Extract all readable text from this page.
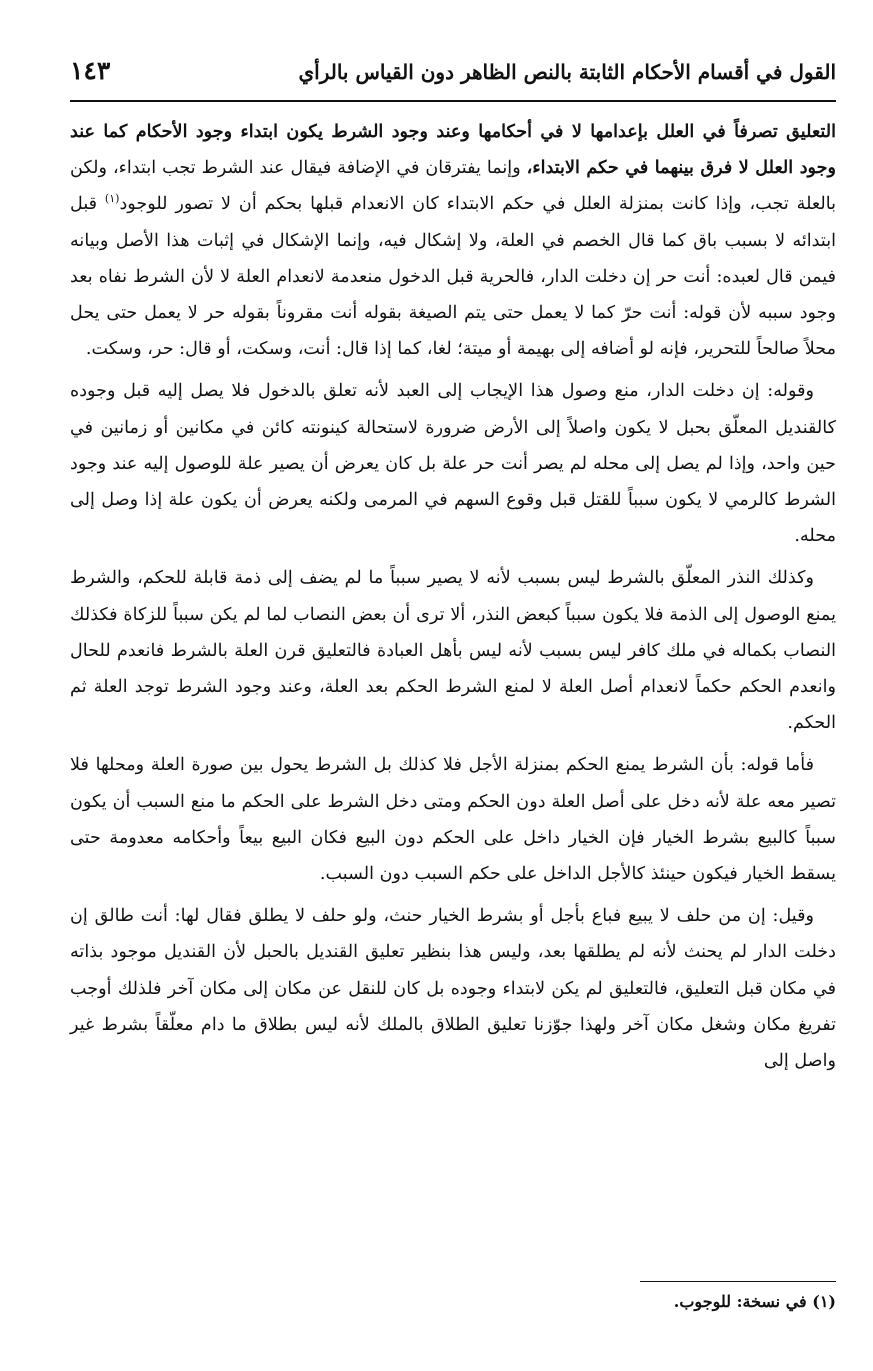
القول في أقسام الأحكام الثابتة بالنص الظاهر دون القياس بالرأي
١٤٣

التعليق تصرفاً في العلل بإعدامها لا في أحكامها وعند وجود الشرط يكون ابتداء وجود الأحكام كما عند وجود العلل لا فرق بينهما في حكم الابتداء، وإنما يفترقان في الإضافة فيقال عند الشرط تجب ابتداء، ولكن بالعلة تجب، وإذا كانت بمنزلة العلل في حكم الابتداء كان الانعدام قبلها بحكم أن لا تصور للوجود$^{(١)}$ قبل ابتدائه لا بسبب باق كما قال الخصم في العلة، ولا إشكال فيه، وإنما الإشكال في إثبات هذا الأصل وبيانه فيمن قال لعبده: أنت حر إن دخلت الدار، فالحرية قبل الدخول منعدمة لانعدام العلة لا لأن الشرط نفاه بعد وجود سببه لأن قوله: أنت حرّ كما لا يعمل حتى يتم الصيغة بقوله أنت مقروناً بقوله حر لا يعمل حتى يحل محلاً صالحاً للتحرير، فإنه لو أضافه إلى بهيمة أو ميتة؛ لغا، كما إذا قال: أنت، وسكت، أو قال: حر، وسكت.

وقوله: إن دخلت الدار، منع وصول هذا الإيجاب إلى العبد لأنه تعلق بالدخول فلا يصل إليه قبل وجوده كالقنديل المعلّق بحبل لا يكون واصلاً إلى الأرض ضرورة لاستحالة كينونته كائن في مكانين أو زمانين في حين واحد، وإذا لم يصل إلى محله لم يصر أنت حر علة بل كان يعرض أن يصير علة للوصول إليه عند وجود الشرط كالرمي لا يكون سبباً للقتل قبل وقوع السهم في المرمى ولكنه يعرض أن يكون علة إذا وصل إلى محله.

وكذلك النذر المعلّق بالشرط ليس بسبب لأنه لا يصير سبباً ما لم يضف إلى ذمة قابلة للحكم، والشرط يمنع الوصول إلى الذمة فلا يكون سبباً كبعض النذر، ألا ترى أن بعض النصاب لما لم يكن سبباً للزكاة فكذلك النصاب بكماله في ملك كافر ليس بسبب لأنه ليس بأهل العبادة فالتعليق قرن العلة بالشرط فانعدم للحال وانعدم الحكم حكماً لانعدام أصل العلة لا لمنع الشرط الحكم بعد العلة، وعند وجود الشرط توجد العلة ثم الحكم.

فأما قوله: بأن الشرط يمنع الحكم بمنزلة الأجل فلا كذلك بل الشرط يحول بين صورة العلة ومحلها فلا تصير معه علة لأنه دخل على أصل العلة دون الحكم ومتى دخل الشرط على الحكم ما منع السبب أن يكون سبباً كالبيع بشرط الخيار فإن الخيار داخل على الحكم دون البيع فكان البيع بيعاً وأحكامه معدومة حتى يسقط الخيار فيكون حينئذ كالأجل الداخل على حكم السبب دون السبب.

وقيل: إن من حلف لا يبيع فباع بأجل أو بشرط الخيار حنث، ولو حلف لا يطلق فقال لها: أنت طالق إن دخلت الدار لم يحنث لأنه لم يطلقها بعد، وليس هذا بنظير تعليق القنديل بالحبل لأن القنديل موجود بذاته في مكان قبل التعليق، فالتعليق لم يكن لابتداء وجوده بل كان للنقل عن مكان إلى مكان آخر فلذلك أوجب تفريغ مكان وشغل مكان آخر ولهذا جوّزنا تعليق الطلاق بالملك لأنه ليس بطلاق ما دام معلّقاً بشرط غير واصل إلى

(١) في نسخة: للوجوب.
